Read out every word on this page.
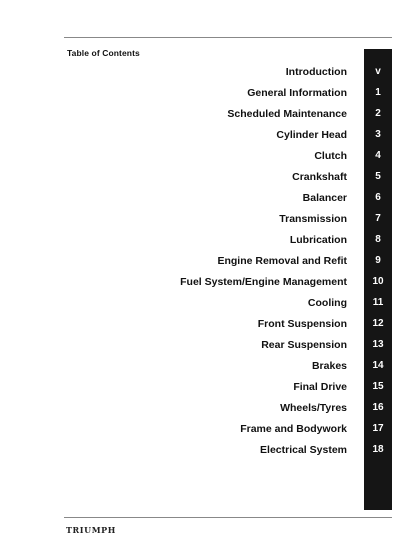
Table of Contents
Introduction	v
General Information	1
Scheduled Maintenance	2
Cylinder Head	3
Clutch	4
Crankshaft	5
Balancer	6
Transmission	7
Lubrication	8
Engine Removal and Refit	9
Fuel System/Engine Management	10
Cooling	11
Front Suspension	12
Rear Suspension	13
Brakes	14
Final Drive	15
Wheels/Tyres	16
Frame and Bodywork	17
Electrical System	18
TRIUMPH
